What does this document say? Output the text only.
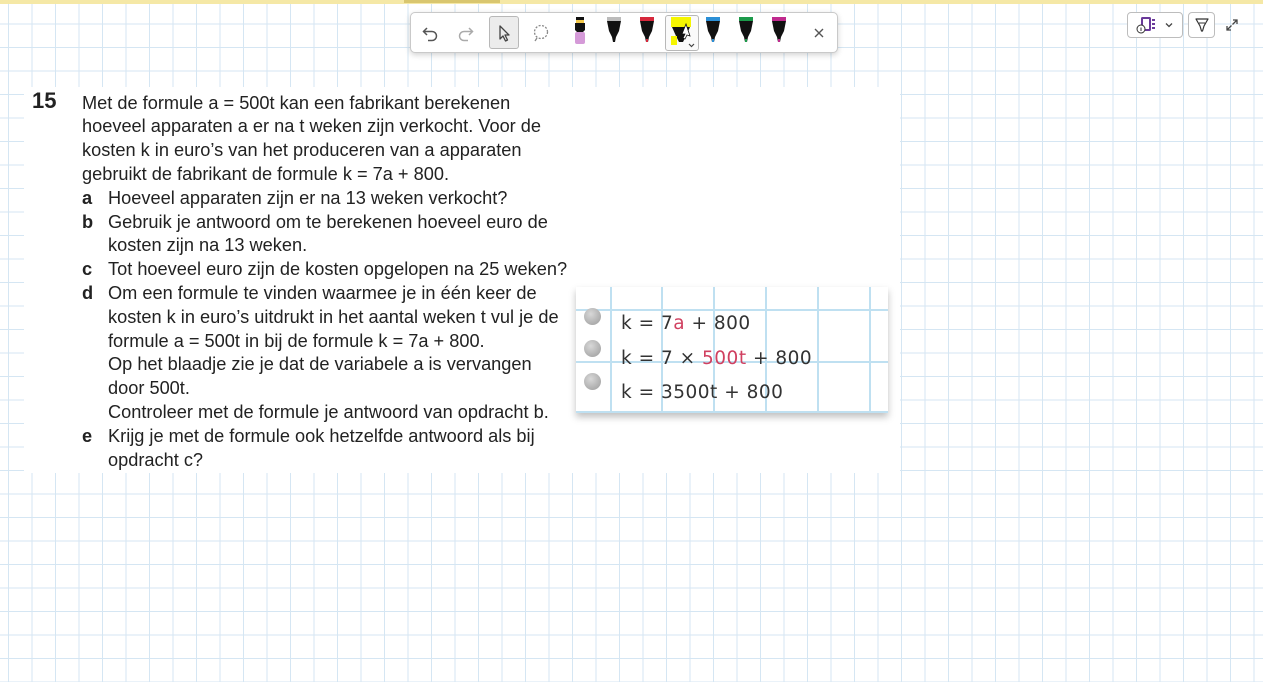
15 Met de formule a = 500t kan een fabrikant berekenen
hoeveel apparaten a er na t weken zijn verkocht. Voor de
kosten k in euro’s van het produceren van a apparaten
gebruikt de fabrikant de formule k = 7a + 800.
a Hoeveel apparaten zijn er na 13 weken verkocht?
b Gebruik je antwoord om te berekenen hoeveel euro de
kosten zijn na 13 weken.
c Tot hoeveel euro zijn de kosten opgelopen na 25 weken?
d Om een formule te vinden waarmee je in één keer de
kosten k in euro’s uitdrukt in het aantal weken t vul je de
formule a = 500t in bij de formule k = 7a + 800.
Op het blaadje zie je dat de variabele a is vervangen
door 500t.
Controleer met de formule je antwoord van opdracht b.
e Krijg je met de formule ook hetzelfde antwoord als bij
opdracht c?
k = 7a + 800
k = 7 × 500t + 800
k = 3500t + 800
